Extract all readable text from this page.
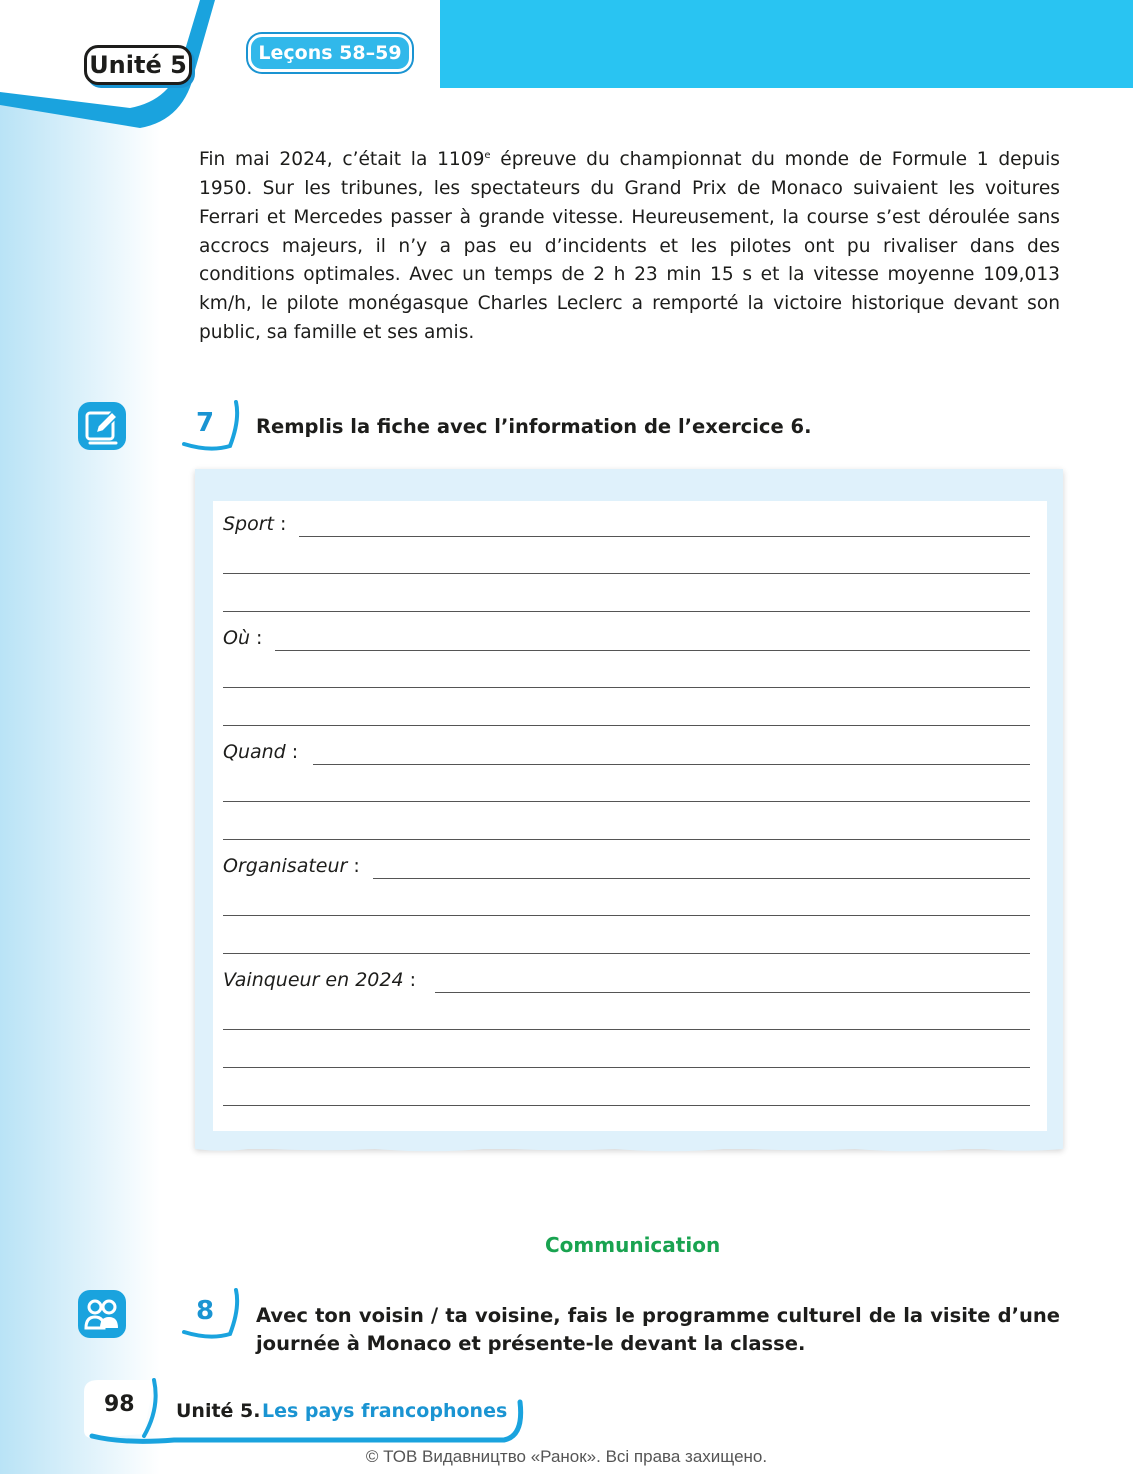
Unité 5	Leçons 58–59

Fin mai 2024, c’était la 1109e épreuve du championnat du monde de Formule 1 depuis 1950. Sur les tribunes, les spectateurs du Grand Prix de Monaco suivaient les voitures Ferrari et Mercedes passer à grande vitesse. Heureusement, la course s’est déroulée sans accrocs majeurs, il n’y a pas eu d’incidents et les pilotes ont pu rivaliser dans des conditions optimales. Avec un temps de 2 h 23 min 15 s et la vitesse moyenne 109,013 km/h, le pilote monégasque Charles Leclerc a remporté la victoire historique devant son public, sa famille et ses amis.

7	Remplis la fiche avec l’information de l’exercice 6.

Sport :
Où :
Quand :
Organisateur :
Vainqueur en 2024 :
Communication
8	Avec ton voisin / ta voisine, fais le programme culturel de la visite d’une journée à Monaco et présente-le devant la classe.

98 Unité 5. Les pays francophones
© ТОВ Видавництво «Ранок». Всі права захищено.
